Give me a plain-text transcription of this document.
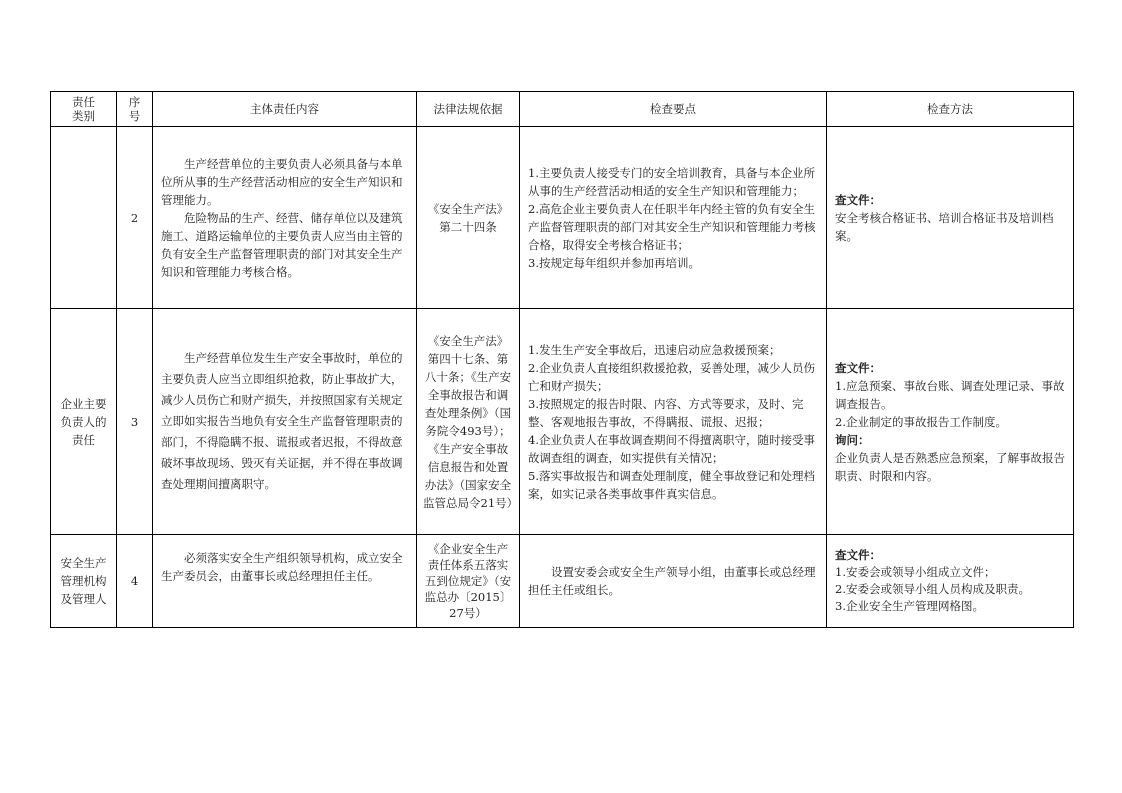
责任
类别	序
号	主体责任内容	法律法规依据	检查要点	检查方法
	2	生产经营单位的主要负责人必须具备与本单位所从事的生产经营活动相应的安全生产知识和管理能力。
危险物品的生产、经营、储存单位以及建筑施工、道路运输单位的主要负责人应当由主管的负有安全生产监督管理职责的部门对其安全生产知识和管理能力考核合格。	《安全生产法》第二十四条	1.主要负责人接受专门的安全培训教育，具备与本企业所从事的生产经营活动相适的安全生产知识和管理能力；
2.高危企业主要负责人在任职半年内经主管的负有安全生产监督管理职责的部门对其安全生产知识和管理能力考核合格，取得安全考核合格证书；
3.按规定每年组织并参加再培训。	查文件：
安全考核合格证书、培训合格证书及培训档案。

企业主要负责人的责任	3	生产经营单位发生生产安全事故时，单位的主要负责人应当立即组织抢救，防止事故扩大，减少人员伤亡和财产损失，并按照国家有关规定立即如实报告当地负有安全生产监督管理职责的部门，不得隐瞒不报、谎报或者迟报，不得故意破坏事故现场、毁灭有关证据，并不得在事故调查处理期间擅离职守。	《安全生产法》第四十七条、第八十条；《生产安全事故报告和调查处理条例》（国务院令493号）；《生产安全事故信息报告和处置办法》（国家安全监管总局令21号）	1.发生生产安全事故后，迅速启动应急救援预案；
2.企业负责人直接组织救援抢救，妥善处理，减少人员伤亡和财产损失；
3.按照规定的报告时限、内容、方式等要求，及时、完整、客观地报告事故，不得瞒报、谎报、迟报；
4.企业负责人在事故调查期间不得擅离职守，随时接受事故调查组的调查，如实提供有关情况；
5.落实事故报告和调查处理制度，健全事故登记和处理档案，如实记录各类事故事件真实信息。	查文件：
1.应急预案、事故台账、调查处理记录、事故调查报告。
2.企业制定的事故报告工作制度。
询问：
企业负责人是否熟悉应急预案，了解事故报告职责、时限和内容。

安全生产管理机构及管理人	4	必须落实安全生产组织领导机构，成立安全生产委员会，由董事长或总经理担任主任。	《企业安全生产责任体系五落实五到位规定》（安监总办〔2015〕27号）	设置安委会或安全生产领导小组，由董事长或总经理担任主任或组长。	查文件：
1.安委会或领导小组成立文件；
2.安委会或领导小组人员构成及职责。
3.企业安全生产管理网格图。
